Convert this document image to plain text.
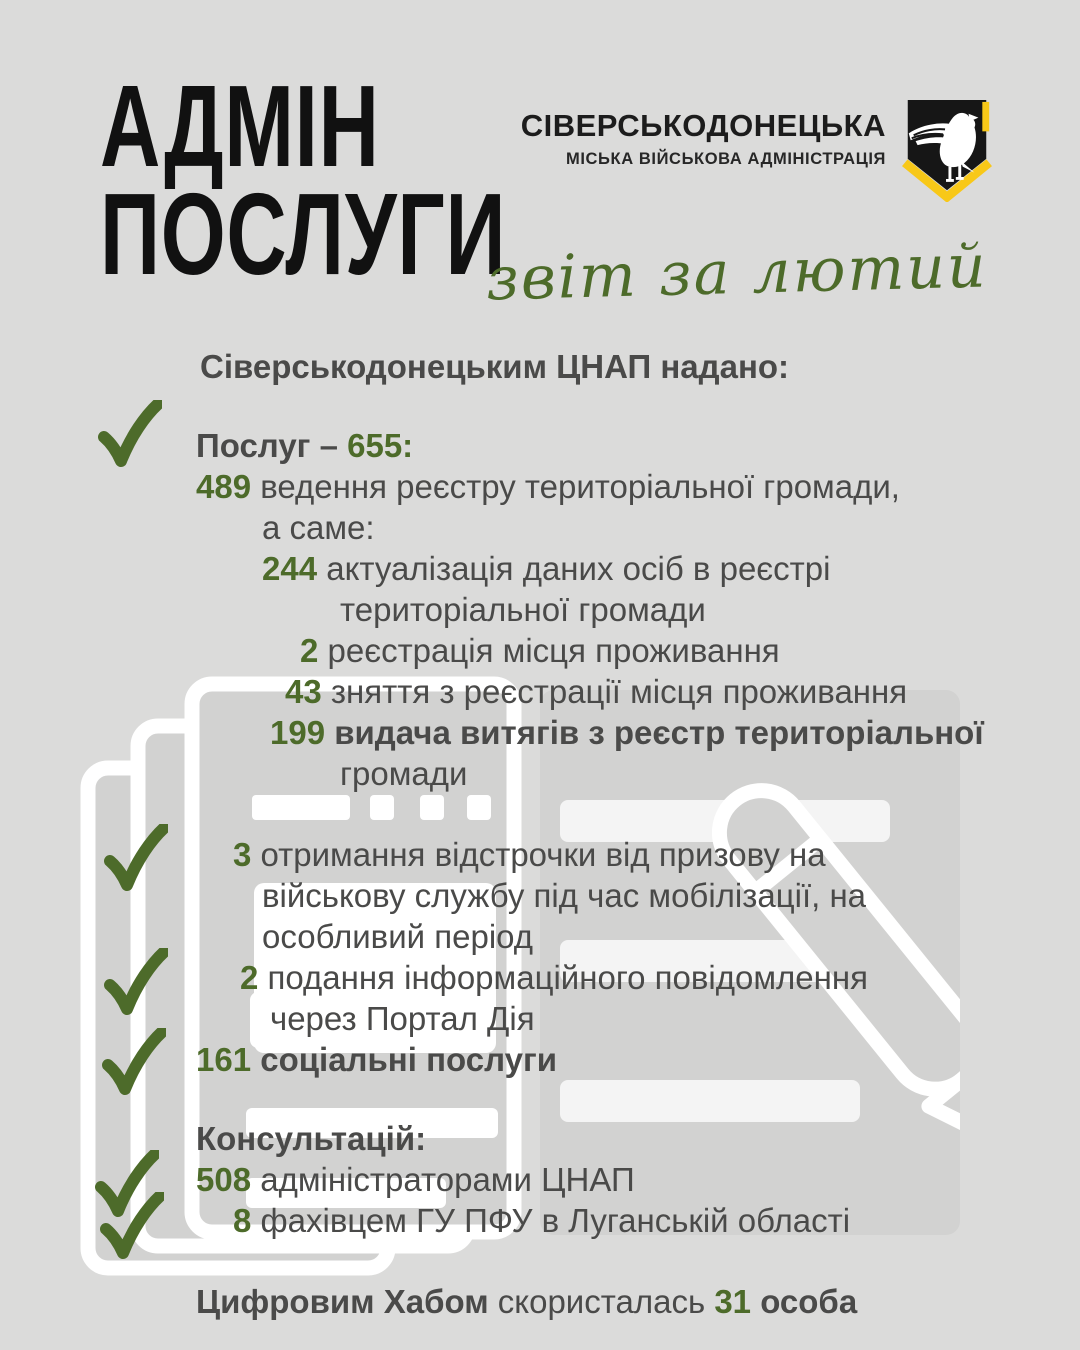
АДМІН
ПОСЛУГИ
СІВЕРСЬКОДОНЕЦЬКА
МІСЬКА ВІЙСЬКОВА АДМІНІСТРАЦІЯ
звіт за лютий
Сіверськодонецьким ЦНАП надано:
Послуг – 655:
489 ведення реєстру територіальної громади,
а саме:
244 актуалізація даних осіб в реєстрі
територіальної громади
2 реєстрація місця проживання
43 зняття з реєстрації місця проживання
199 видача витягів з реєстр територіальної
громади
3 отримання відстрочки від призову на
військову службу під час мобілізації, на
особливий період
2 подання інформаційного повідомлення
через Портал Дія
161 соціальні послуги
Консультацій:
508 адміністраторами ЦНАП
8 фахівцем ГУ ПФУ в Луганській області
Цифровим Хабом скористалась 31 особа
